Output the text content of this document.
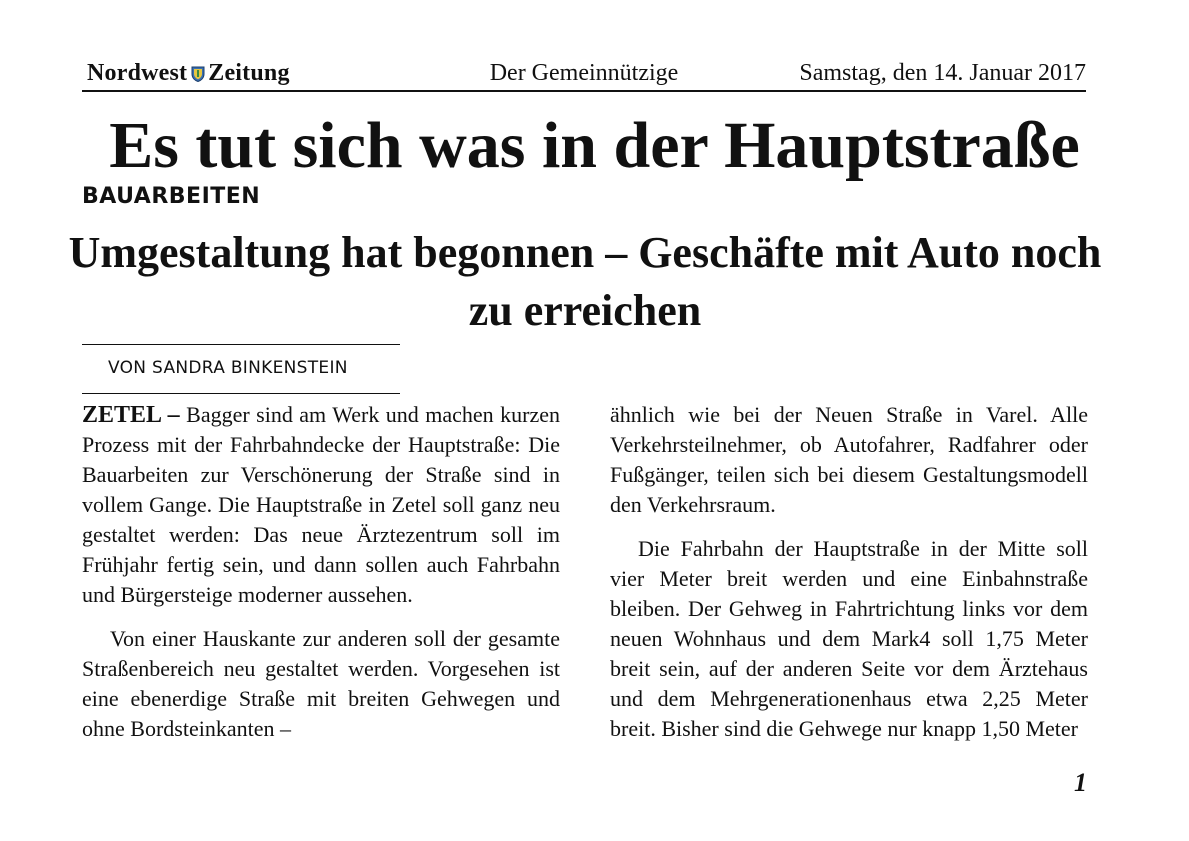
Nordwest Zeitung	Der Gemeinnützige	Samstag, den 14. Januar 2017
Es tut sich was in der Hauptstraße
BAUARBEITEN
Umgestaltung hat begonnen – Geschäfte mit Auto noch zu erreichen
VON SANDRA BINKENSTEIN

ZETEL – Bagger sind am Werk und machen kurzen Prozess mit der Fahrbahndecke der Hauptstraße: Die Bauarbeiten zur Verschönerung der Straße sind in vollem Gange. Die Hauptstraße in Zetel soll ganz neu gestaltet werden: Das neue Ärztezentrum soll im Frühjahr fertig sein, und dann sollen auch Fahrbahn und Bürgersteige moderner aussehen.

Von einer Hauskante zur anderen soll der gesamte Straßenbereich neu gestaltet werden. Vorgesehen ist eine ebenerdige Straße mit breiten Gehwegen und ohne Bordsteinkanten –

ähnlich wie bei der Neuen Straße in Varel. Alle Verkehrsteilnehmer, ob Autofahrer, Radfahrer oder Fußgänger, teilen sich bei diesem Gestaltungsmodell den Verkehrsraum.

Die Fahrbahn der Hauptstraße in der Mitte soll vier Meter breit werden und eine Einbahnstraße bleiben. Der Gehweg in Fahrtrichtung links vor dem neuen Wohnhaus und dem Mark4 soll 1,75 Meter breit sein, auf der anderen Seite vor dem Ärztehaus und dem Mehrgenerationenhaus etwa 2,25 Meter breit. Bisher sind die Gehwege nur knapp 1,50 Meter

1
